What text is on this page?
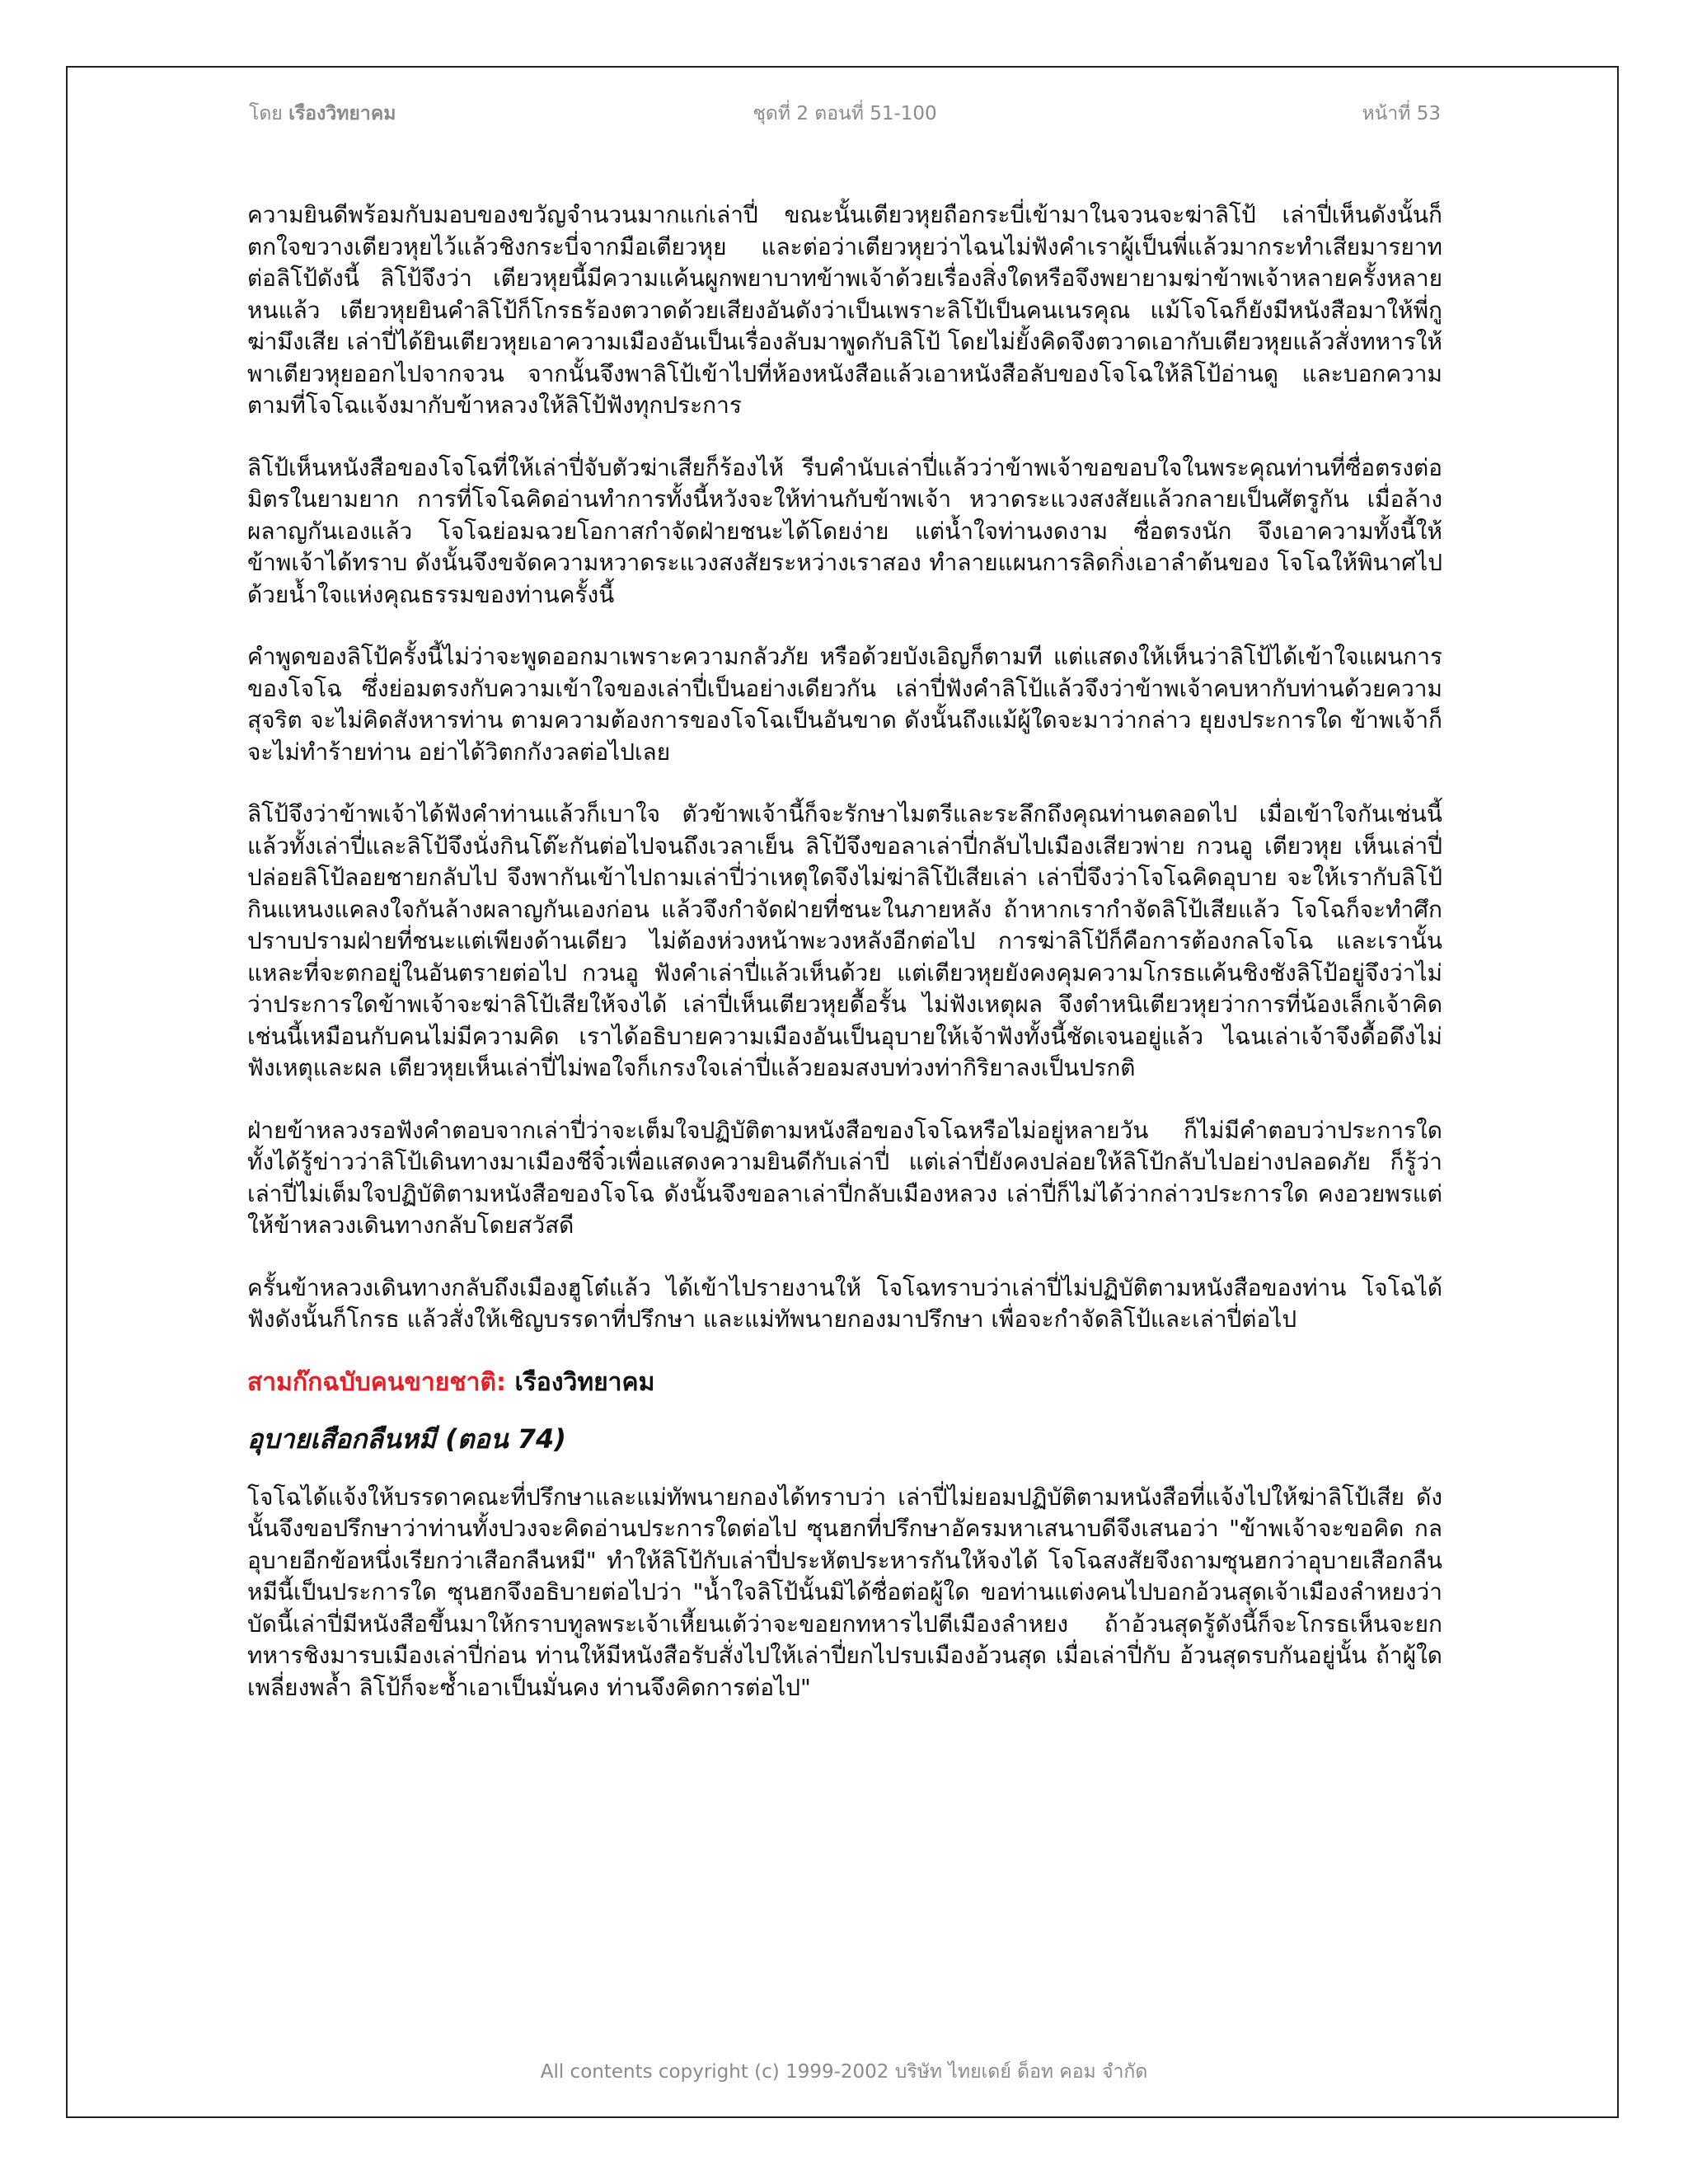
โดย เรืองวิทยาคม	ชุดที่ 2 ตอนที่ 51-100	หน้าที่ 53

ความยินดีพร้อมกับมอบของขวัญจำนวนมากแก่เล่าปี่ ขณะนั้นเตียวหุยถือกระบี่เข้ามาในจวนจะฆ่าลิโป้ เล่าปี่เห็นดังนั้นก็ตกใจขวางเตียวหุยไว้แล้วชิงกระบี่จากมือเตียวหุย และต่อว่าเตียวหุยว่าไฉนไม่ฟังคำเราผู้เป็นพี่แล้วมากระทำเสียมารยาทต่อลิโป้ดังนี้ ลิโป้จึงว่า เตียวหุยนี้มีความแค้นผูกพยาบาทข้าพเจ้าด้วยเรื่องสิ่งใดหรือจึงพยายามฆ่าข้าพเจ้าหลายครั้งหลายหนแล้ว เตียวหุยยินคำลิโป้ก็โกรธร้องตวาดด้วยเสียงอันดังว่าเป็นเพราะลิโป้เป็นคนเนรคุณ แม้โจโฉก็ยังมีหนังสือมาให้พี่กูฆ่ามึงเสีย เล่าปี่ได้ยินเตียวหุยเอาความเมืองอันเป็นเรื่องลับมาพูดกับลิโป้ โดยไม่ยั้งคิดจึงตวาดเอากับเตียวหุยแล้วสั่งทหารให้พาเตียวหุยออกไปจากจวน จากนั้นจึงพาลิโป้เข้าไปที่ห้องหนังสือแล้วเอาหนังสือลับของโจโฉให้ลิโป้อ่านดู และบอกความตามที่โจโฉแจ้งมากับข้าหลวงให้ลิโป้ฟังทุกประการ

ลิโป้เห็นหนังสือของโจโฉที่ให้เล่าปี่จับตัวฆ่าเสียก็ร้องไห้ รีบคำนับเล่าปี่แล้วว่าข้าพเจ้าขอขอบใจในพระคุณท่านที่ซื่อตรงต่อมิตรในยามยาก การที่โจโฉคิดอ่านทำการทั้งนี้หวังจะให้ท่านกับข้าพเจ้า หวาดระแวงสงสัยแล้วกลายเป็นศัตรูกัน เมื่อล้างผลาญกันเองแล้ว โจโฉย่อมฉวยโอกาสกำจัดฝ่ายชนะได้โดยง่าย แต่น้ำใจท่านงดงาม ซื่อตรงนัก จึงเอาความทั้งนี้ให้ข้าพเจ้าได้ทราบ ดังนั้นจึงขจัดความหวาดระแวงสงสัยระหว่างเราสอง ทำลายแผนการลิดกิ่งเอาลำต้นของ โจโฉให้พินาศไปด้วยน้ำใจแห่งคุณธรรมของท่านครั้งนี้

คำพูดของลิโป้ครั้งนี้ไม่ว่าจะพูดออกมาเพราะความกลัวภัย หรือด้วยบังเอิญก็ตามที แต่แสดงให้เห็นว่าลิโป้ได้เข้าใจแผนการของโจโฉ ซึ่งย่อมตรงกับความเข้าใจของเล่าปี่เป็นอย่างเดียวกัน เล่าปี่ฟังคำลิโป้แล้วจึงว่าข้าพเจ้าคบหากับท่านด้วยความสุจริต จะไม่คิดสังหารท่าน ตามความต้องการของโจโฉเป็นอันขาด ดังนั้นถึงแม้ผู้ใดจะมาว่ากล่าว ยุยงประการใด ข้าพเจ้าก็จะไม่ทำร้ายท่าน อย่าได้วิตกกังวลต่อไปเลย

ลิโป้จึงว่าข้าพเจ้าได้ฟังคำท่านแล้วก็เบาใจ ตัวข้าพเจ้านี้ก็จะรักษาไมตรีและระลึกถึงคุณท่านตลอดไป เมื่อเข้าใจกันเช่นนี้แล้วทั้งเล่าปี่และลิโป้จึงนั่งกินโต๊ะกันต่อไปจนถึงเวลาเย็น ลิโป้จึงขอลาเล่าปี่กลับไปเมืองเสียวพ่าย กวนอู เตียวหุย เห็นเล่าปี่ปล่อยลิโป้ลอยชายกลับไป จึงพากันเข้าไปถามเล่าปี่ว่าเหตุใดจึงไม่ฆ่าลิโป้เสียเล่า เล่าปี่จึงว่าโจโฉคิดอุบาย จะให้เรากับลิโป้กินแหนงแคลงใจกันล้างผลาญกันเองก่อน แล้วจึงกำจัดฝ่ายที่ชนะในภายหลัง ถ้าหากเรากำจัดลิโป้เสียแล้ว โจโฉก็จะทำศึกปราบปรามฝ่ายที่ชนะแต่เพียงด้านเดียว ไม่ต้องห่วงหน้าพะวงหลังอีกต่อไป การฆ่าลิโป้ก็คือการต้องกลโจโฉ และเรานั้นแหละที่จะตกอยู่ในอันตรายต่อไป กวนอู ฟังคำเล่าปี่แล้วเห็นด้วย แต่เตียวหุยยังคงคุมความโกรธแค้นชิงชังลิโป้อยู่จึงว่าไม่ว่าประการใดข้าพเจ้าจะฆ่าลิโป้เสียให้จงได้ เล่าปี่เห็นเตียวหุยดื้อรั้น ไม่ฟังเหตุผล จึงตำหนิเตียวหุยว่าการที่น้องเล็กเจ้าคิดเช่นนี้เหมือนกับคนไม่มีความคิด เราได้อธิบายความเมืองอันเป็นอุบายให้เจ้าฟังทั้งนี้ชัดเจนอยู่แล้ว ไฉนเล่าเจ้าจึงดื้อดึงไม่ฟังเหตุและผล เตียวหุยเห็นเล่าปี่ไม่พอใจก็เกรงใจเล่าปี่แล้วยอมสงบท่วงท่ากิริยาลงเป็นปรกติ

ฝ่ายข้าหลวงรอฟังคำตอบจากเล่าปี่ว่าจะเต็มใจปฏิบัติตามหนังสือของโจโฉหรือไม่อยู่หลายวัน ก็ไม่มีคำตอบว่าประการใด ทั้งได้รู้ข่าวว่าลิโป้เดินทางมาเมืองชีจิ๋วเพื่อแสดงความยินดีกับเล่าปี่ แต่เล่าปี่ยังคงปล่อยให้ลิโป้กลับไปอย่างปลอดภัย ก็รู้ว่าเล่าปี่ไม่เต็มใจปฏิบัติตามหนังสือของโจโฉ ดังนั้นจึงขอลาเล่าปี่กลับเมืองหลวง เล่าปี่ก็ไม่ได้ว่ากล่าวประการใด คงอวยพรแต่ให้ข้าหลวงเดินทางกลับโดยสวัสดี

ครั้นข้าหลวงเดินทางกลับถึงเมืองฮูโต๋แล้ว ได้เข้าไปรายงานให้ โจโฉทราบว่าเล่าปี่ไม่ปฏิบัติตามหนังสือของท่าน โจโฉได้ฟังดังนั้นก็โกรธ แล้วสั่งให้เชิญบรรดาที่ปรึกษา และแม่ทัพนายกองมาปรึกษา เพื่อจะกำจัดลิโป้และเล่าปี่ต่อไป

สามก๊กฉบับคนขายชาติ: เรืองวิทยาคม
อุบายเสือกลืนหมี (ตอน 74)

โจโฉได้แจ้งให้บรรดาคณะที่ปรึกษาและแม่ทัพนายกองได้ทราบว่า เล่าปี่ไม่ยอมปฏิบัติตามหนังสือที่แจ้งไปให้ฆ่าลิโป้เสีย ดังนั้นจึงขอปรึกษาว่าท่านทั้งปวงจะคิดอ่านประการใดต่อไป ซุนฮกที่ปรึกษาอัครมหาเสนาบดีจึงเสนอว่า "ข้าพเจ้าจะขอคิด กลอุบายอีกข้อหนึ่งเรียกว่าเสือกลืนหมี" ทำให้ลิโป้กับเล่าปี่ประหัตประหารกันให้จงได้ โจโฉสงสัยจึงถามซุนฮกว่าอุบายเสือกลืนหมีนี้เป็นประการใด ซุนฮกจึงอธิบายต่อไปว่า "น้ำใจลิโป้นั้นมิได้ซื่อต่อผู้ใด ขอท่านแต่งคนไปบอกอ้วนสุดเจ้าเมืองลำหยงว่า บัดนี้เล่าปี่มีหนังสือขึ้นมาให้กราบทูลพระเจ้าเหี้ยนเต้ว่าจะขอยกทหารไปตีเมืองลำหยง ถ้าอ้วนสุดรู้ดังนี้ก็จะโกรธเห็นจะยกทหารชิงมารบเมืองเล่าปี่ก่อน ท่านให้มีหนังสือรับสั่งไปให้เล่าปี่ยกไปรบเมืองอ้วนสุด เมื่อเล่าปี่กับ อ้วนสุดรบกันอยู่นั้น ถ้าผู้ใดเพลี่ยงพล้ำ ลิโป้ก็จะซ้ำเอาเป็นมั่นคง ท่านจึงคิดการต่อไป"

All contents copyright (c) 1999-2002 บริษัท ไทยเดย์ ด็อท คอม จำกัด
